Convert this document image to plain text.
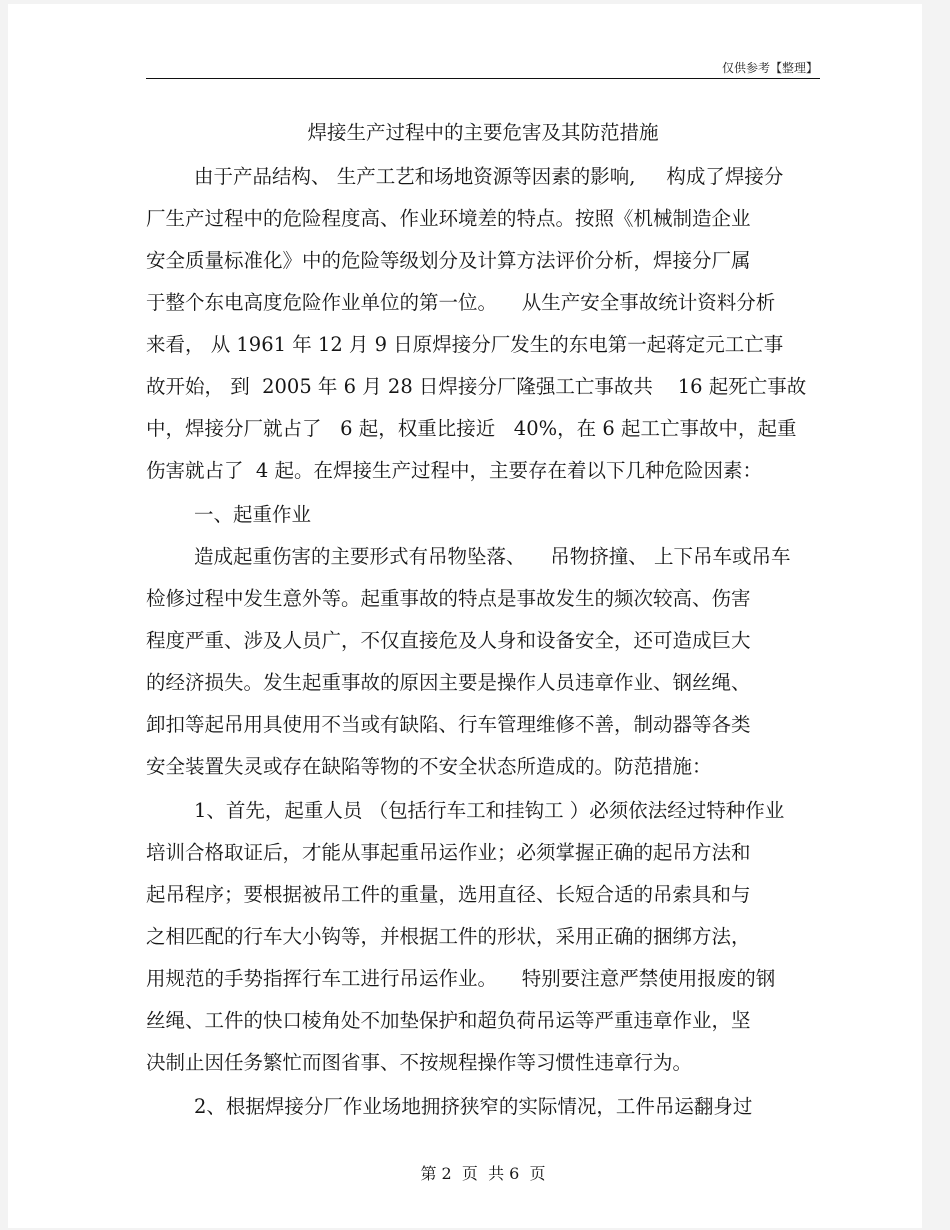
仅供参考【整理】
焊接生产过程中的主要危害及其防范措施
由于产品结构、 生产工艺和场地资源等因素的影响,     构成了焊接分
厂生产过程中的危险程度高、作业环境差的特点。按照《机械制造企业
安全质量标准化》中的危险等级划分及计算方法评价分析，焊接分厂属
于整个东电高度危险作业单位的第一位。    从生产安全事故统计资料分析
来看， 从 1961 年 12 月 9 日原焊接分厂发生的东电第一起蒋定元工亡事
故开始， 到  2005 年 6 月 28 日焊接分厂隆强工亡事故共    16 起死亡事故
中，焊接分厂就占了   6 起，权重比接近   40%，在 6 起工亡事故中，起重
伤害就占了  4 起。在焊接生产过程中，主要存在着以下几种危险因素：
一、起重作业
造成起重伤害的主要形式有吊物坠落、    吊物挤撞、 上下吊车或吊车
检修过程中发生意外等。起重事故的特点是事故发生的频次较高、伤害
程度严重、涉及人员广，不仅直接危及人身和设备安全，还可造成巨大
的经济损失。发生起重事故的原因主要是操作人员违章作业、钢丝绳、
卸扣等起吊用具使用不当或有缺陷、行车管理维修不善，制动器等各类
安全装置失灵或存在缺陷等物的不安全状态所造成的。防范措施：
1、首先，起重人员 （包括行车工和挂钩工 ）必须依法经过特种作业
培训合格取证后，才能从事起重吊运作业；必须掌握正确的起吊方法和
起吊程序；要根据被吊工件的重量，选用直径、长短合适的吊索具和与
之相匹配的行车大小钩等，并根据工件的形状，采用正确的捆绑方法，
用规范的手势指挥行车工进行吊运作业。    特别要注意严禁使用报废的钢
丝绳、工件的快口棱角处不加垫保护和超负荷吊运等严重违章作业，坚
决制止因任务繁忙而图省事、不按规程操作等习惯性违章行为。
2、根据焊接分厂作业场地拥挤狭窄的实际情况，工件吊运翻身过
第 2  页  共 6  页
